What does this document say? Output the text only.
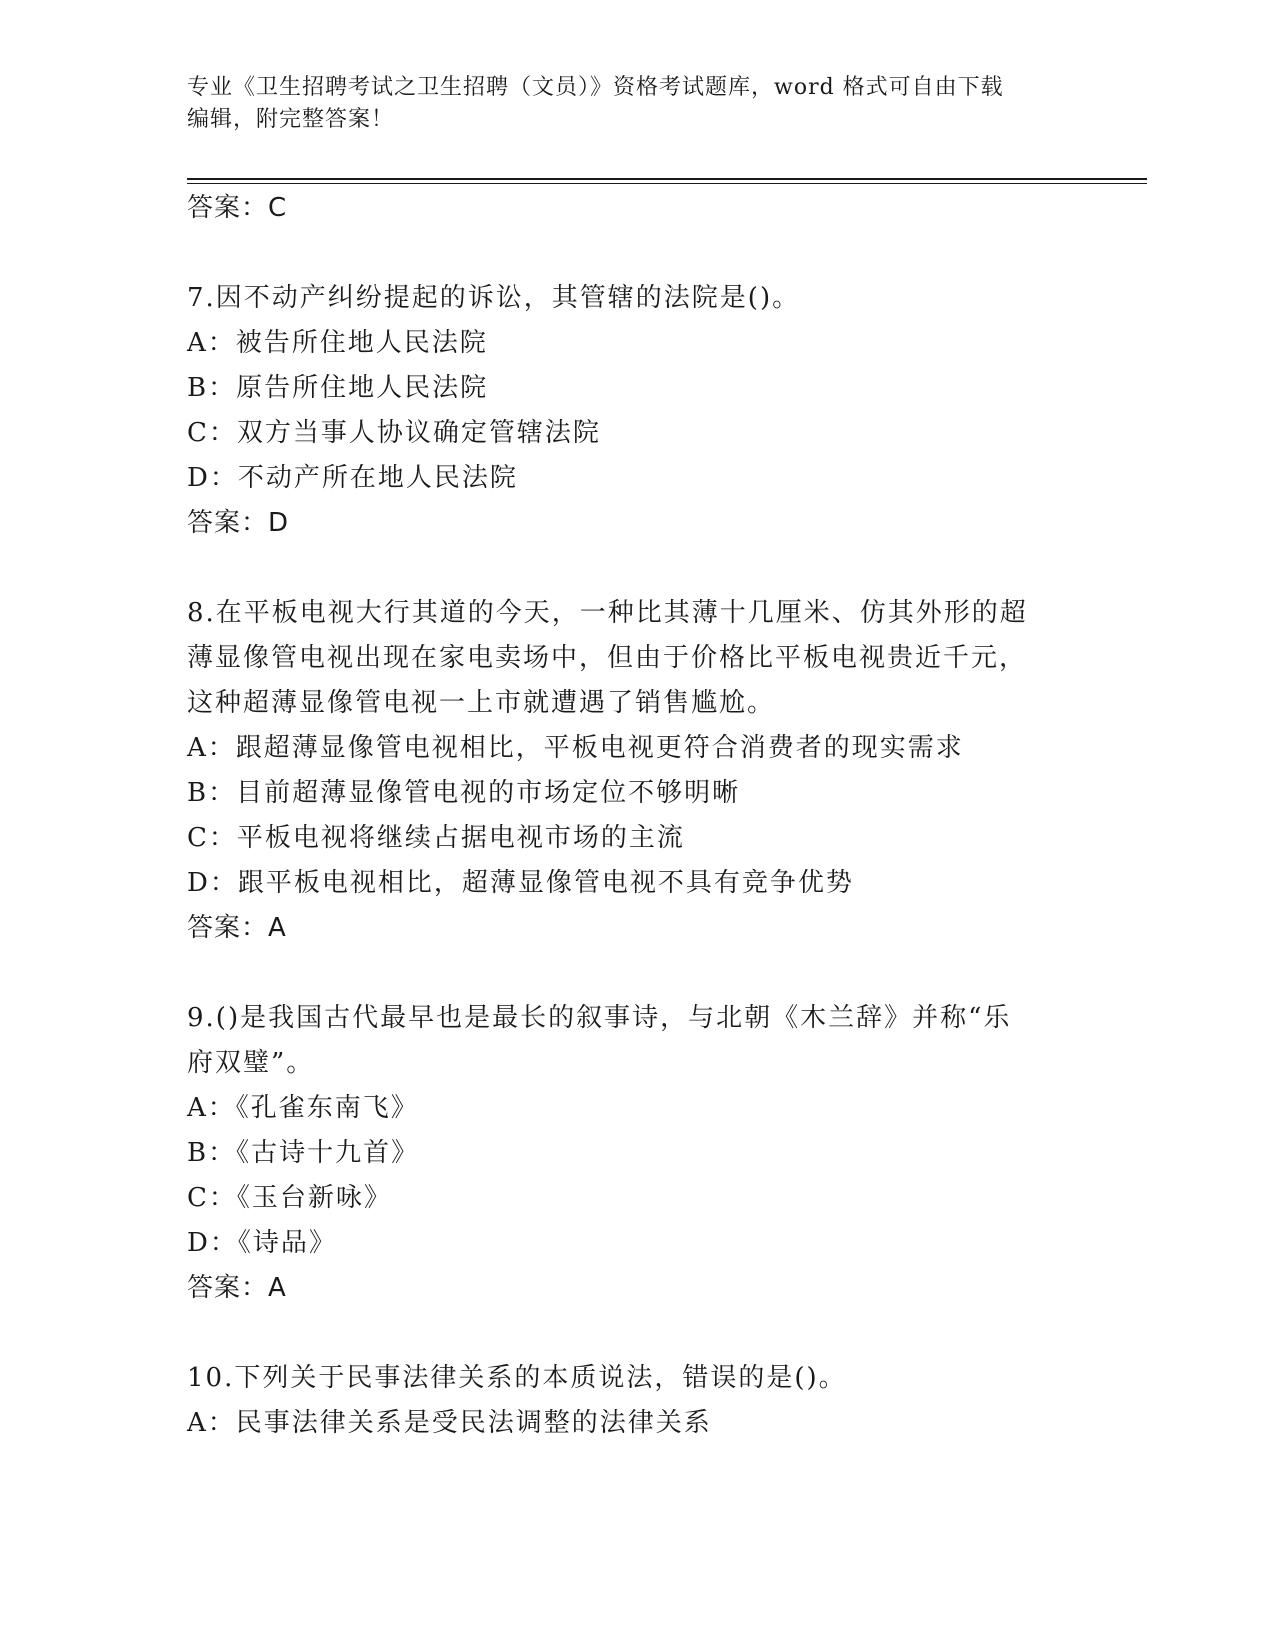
专业《卫生招聘考试之卫生招聘（文员）》资格考试题库，word 格式可自由下载
编辑，附完整答案！
答案：C
7.因不动产纠纷提起的诉讼，其管辖的法院是()。
A：被告所住地人民法院
B：原告所住地人民法院
C：双方当事人协议确定管辖法院
D：不动产所在地人民法院
答案：D
8.在平板电视大行其道的今天，一种比其薄十几厘米、仿其外形的超
薄显像管电视出现在家电卖场中，但由于价格比平板电视贵近千元，
这种超薄显像管电视一上市就遭遇了销售尴尬。
A：跟超薄显像管电视相比，平板电视更符合消费者的现实需求
B：目前超薄显像管电视的市场定位不够明晰
C：平板电视将继续占据电视市场的主流
D：跟平板电视相比，超薄显像管电视不具有竞争优势
答案：A
9.()是我国古代最早也是最长的叙事诗，与北朝《木兰辞》并称“乐
府双璧”。
A：《孔雀东南飞》
B：《古诗十九首》
C：《玉台新咏》
D：《诗品》
答案：A
10.下列关于民事法律关系的本质说法，错误的是()。
A：民事法律关系是受民法调整的法律关系
